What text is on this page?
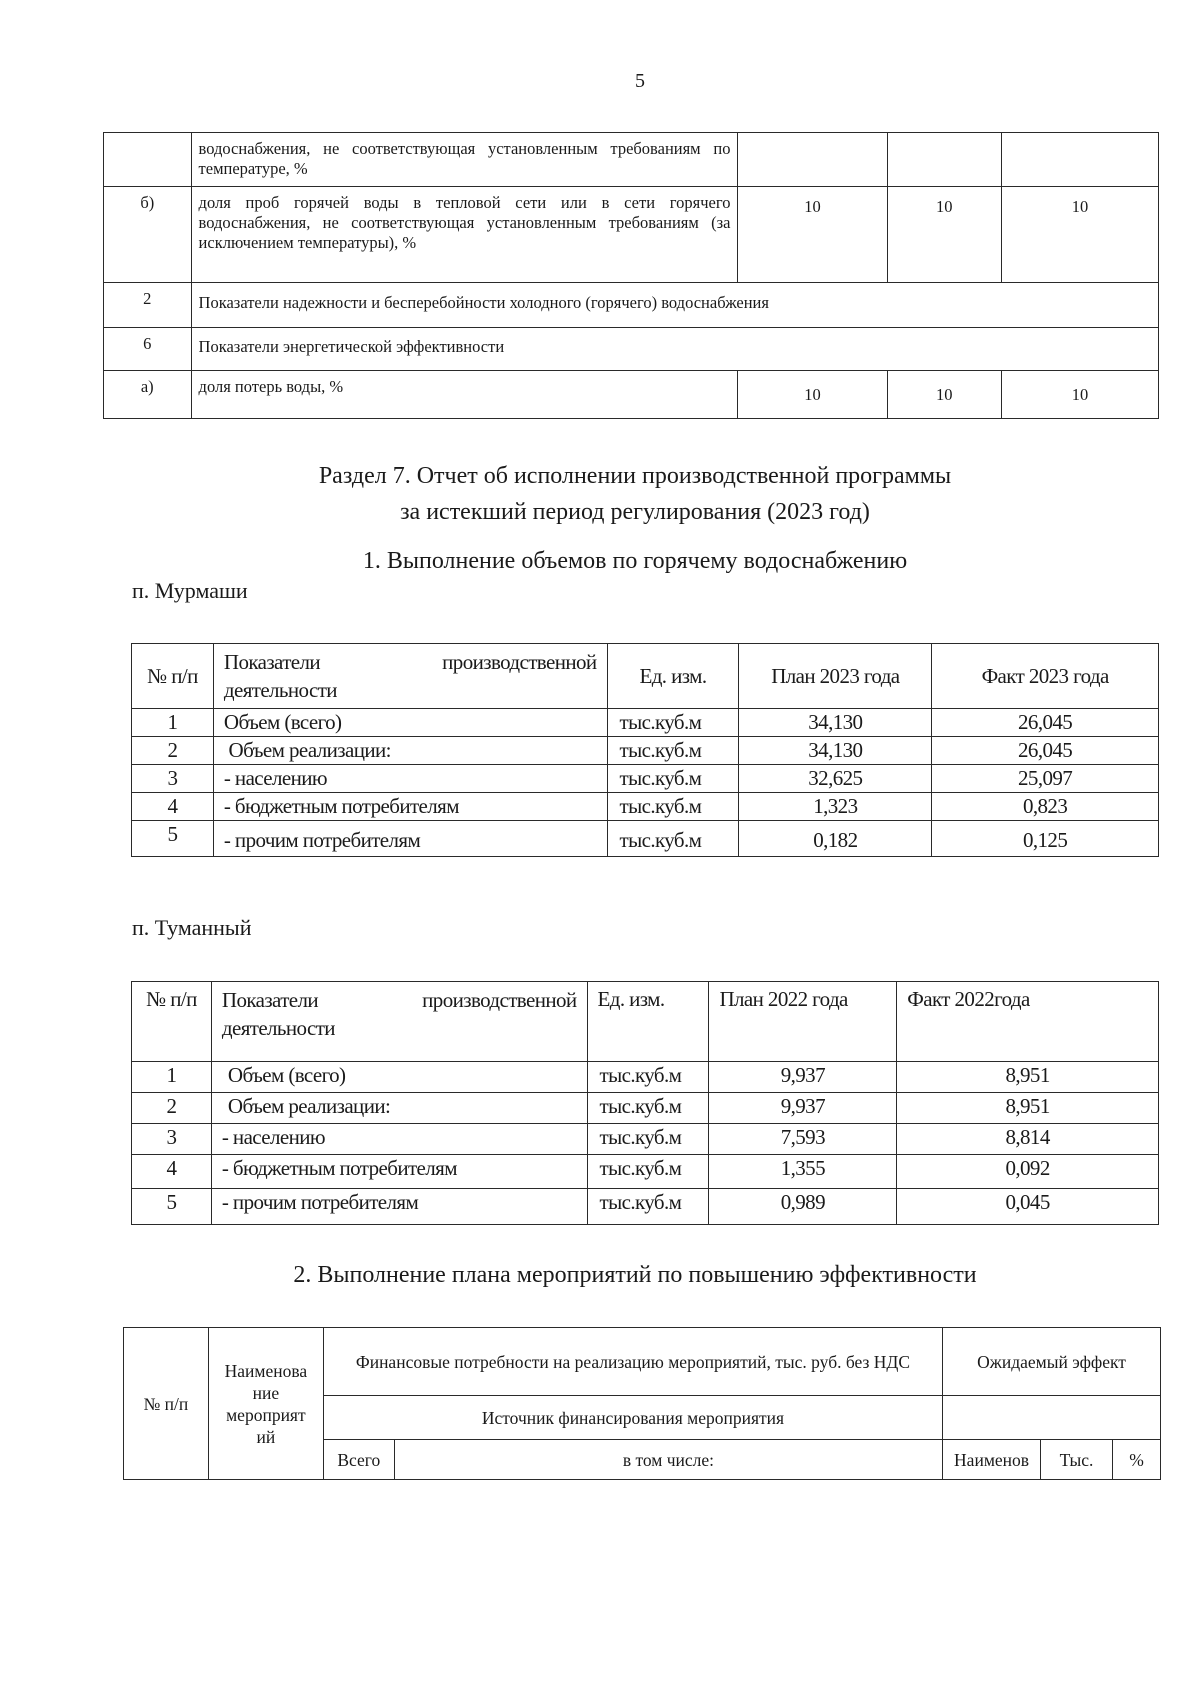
5
	водоснабжения, не соответствующая установленным требованиям по температуре, %			
б)	доля проб горячей воды в тепловой сети или в сети горячего водоснабжения, не соответствующая установленным требованиям (за исключением температуры), %	10	10	10
2	Показатели надежности и бесперебойности холодного (горячего) водоснабжения			
6	Показатели энергетической эффективности			
а)	доля потерь воды, %	10	10	10
Раздел 7. Отчет об исполнении производственной программы
за истекший период регулирования (2023 год)
1. Выполнение объемов по горячему водоснабжению
п. Мурмаши
№ п/п	Показатели производственной деятельности	Ед. изм.	План 2023 года	Факт 2023 года
1	Объем (всего)	тыс.куб.м	34,130	26,045
2	Объем реализации:	тыс.куб.м	34,130	26,045
3	- населению	тыс.куб.м	32,625	25,097
4	- бюджетным потребителям	тыс.куб.м	1,323	0,823
5	- прочим потребителям	тыс.куб.м	0,182	0,125
п. Туманный
№ п/п	Показатели производственной деятельности	Ед. изм.	План 2022 года	Факт 2022года
1	Объем (всего)	тыс.куб.м	9,937	8,951
2	Объем реализации:	тыс.куб.м	9,937	8,951
3	- населению	тыс.куб.м	7,593	8,814
4	- бюджетным потребителям	тыс.куб.м	1,355	0,092
5	- прочим потребителям	тыс.куб.м	0,989	0,045
2. Выполнение плана мероприятий по повышению эффективности
№ п/п	Наименова ние мероприят ий	Финансовые потребности на реализацию мероприятий, тыс. руб. без НДС		Ожидаемый эффект		
		Источник финансирования мероприятия				
		Всего	в том числе:	Наименов	Тыс.	%
